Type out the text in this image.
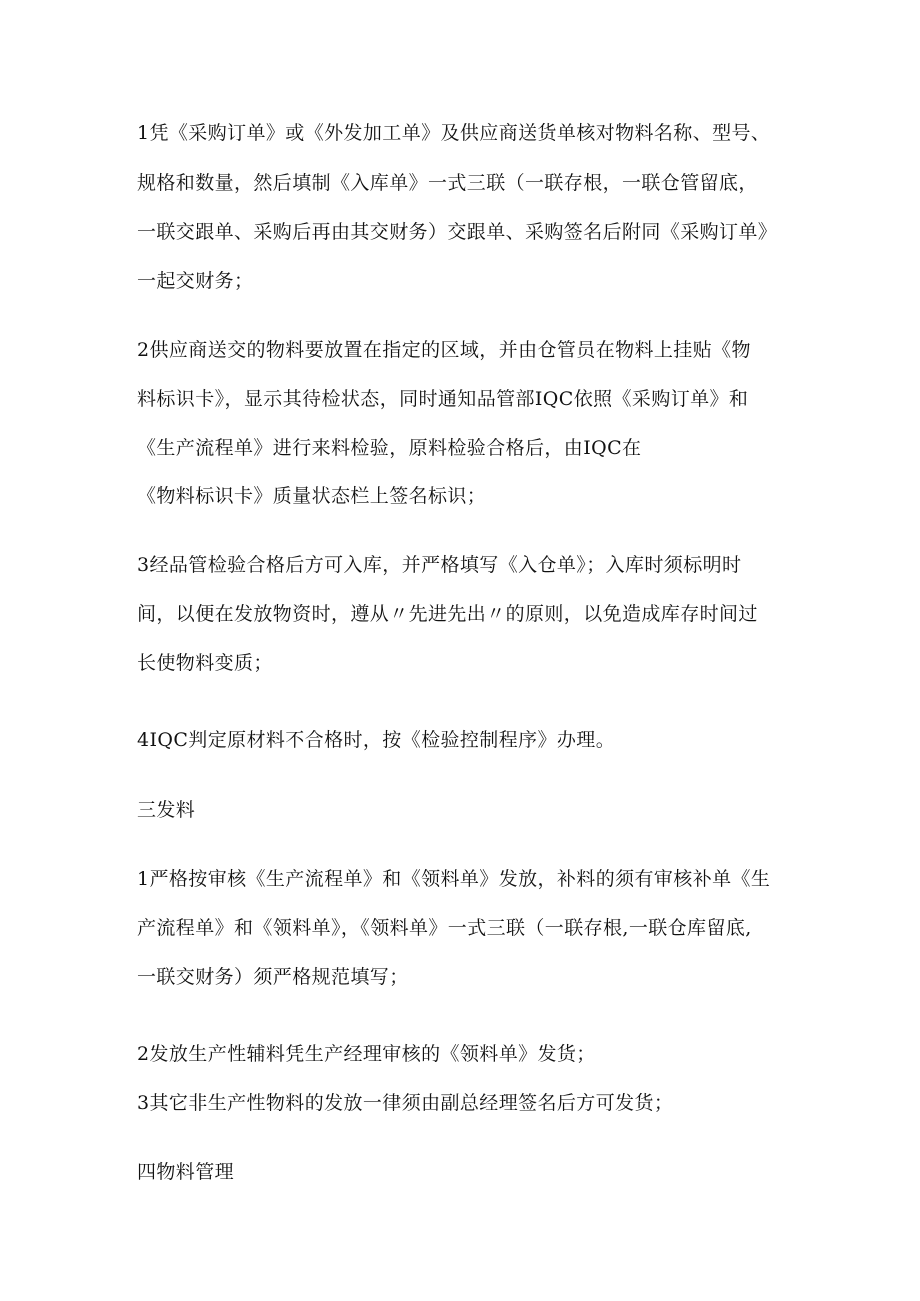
1凭《采购订单》或《外发加工单》及供应商送货单核对物料名称、型号、
规格和数量，然后填制《入库单》一式三联（一联存根，一联仓管留底，
一联交跟单、采购后再由其交财务）交跟单、采购签名后附同《采购订单》
一起交财务；
2供应商送交的物料要放置在指定的区域，并由仓管员在物料上挂贴《物
料标识卡》，显示其待检状态，同时通知品管部IQC依照《采购订单》和
《生产流程单》进行来料检验，原料检验合格后，由IQC在
《物料标识卡》质量状态栏上签名标识；
3经品管检验合格后方可入库，并严格填写《入仓单》；入库时须标明时
间，以便在发放物资时，遵从〃先进先出〃的原则，以免造成库存时间过
长使物料变质；
4IQC判定原材料不合格时，按《检验控制程序》办理。
三发料
1严格按审核《生产流程单》和《领料单》发放，补料的须有审核补单《生
产流程单》和《领料单》，《领料单》一式三联（一联存根,一联仓库留底,
一联交财务）须严格规范填写；
2发放生产性辅料凭生产经理审核的《领料单》发货；
3其它非生产性物料的发放一律须由副总经理签名后方可发货；
四物料管理
